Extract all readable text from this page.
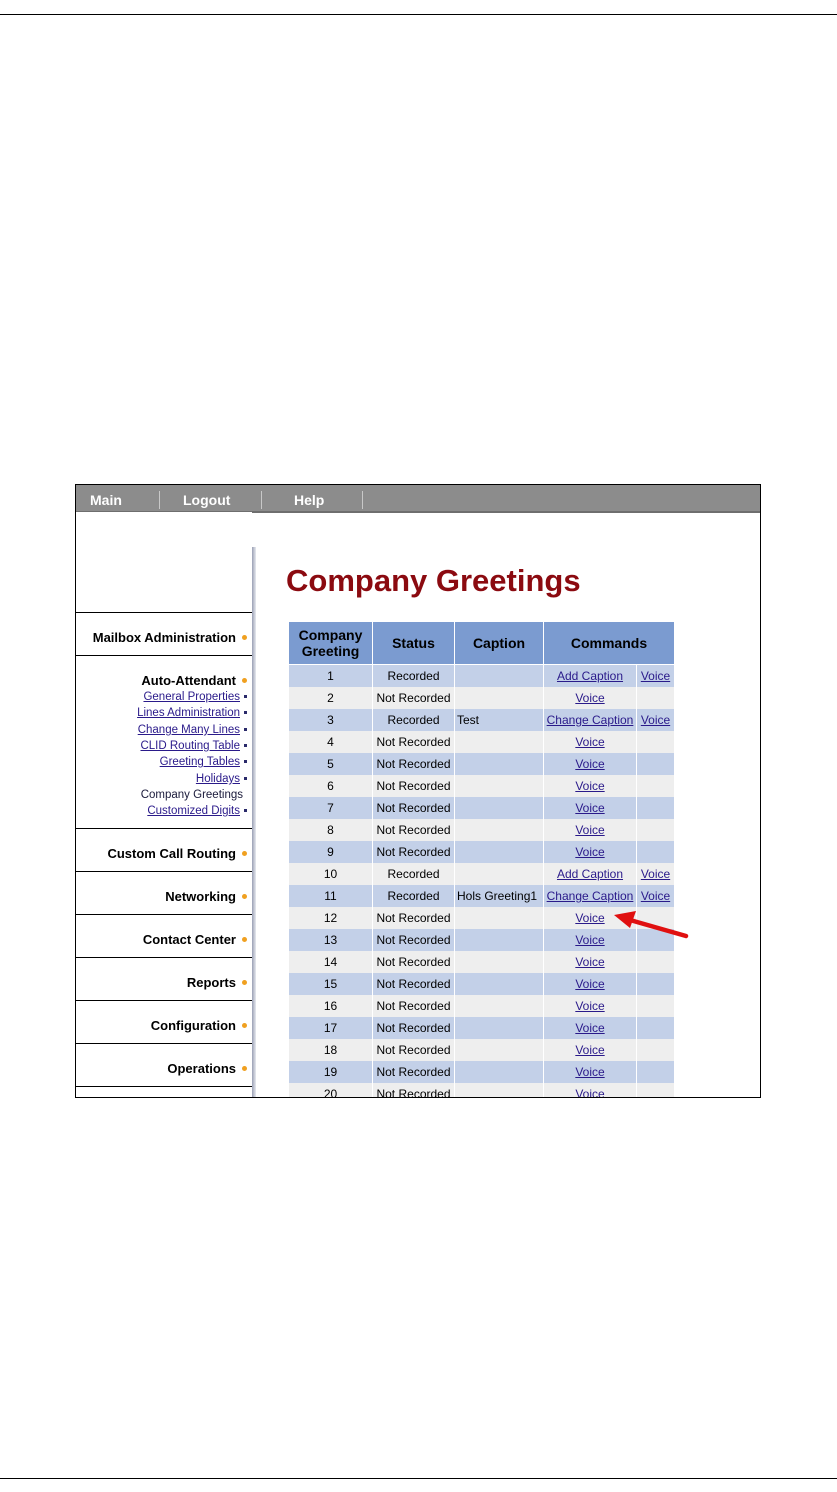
Main	Logout	Help
Mailbox Administration
Auto-Attendant
General Properties
Lines Administration
Change Many Lines
CLID Routing Table
Greeting Tables
Holidays
Company Greetings
Customized Digits
Custom Call Routing
Networking
Contact Center
Reports
Configuration
Operations
Company Greetings
Company
Greeting	Status	Caption	Commands	
1	Recorded		Add Caption	Voice
2	Not Recorded		Voice	
3	Recorded	Test	Change Caption	Voice
4	Not Recorded		Voice	
5	Not Recorded		Voice	
6	Not Recorded		Voice	
7	Not Recorded		Voice	
8	Not Recorded		Voice	
9	Not Recorded		Voice	
10	Recorded		Add Caption	Voice
11	Recorded	Hols Greeting1	Change Caption	Voice
12	Not Recorded		Voice	
13	Not Recorded		Voice	
14	Not Recorded		Voice	
15	Not Recorded		Voice	
16	Not Recorded		Voice	
17	Not Recorded		Voice	
18	Not Recorded		Voice	
19	Not Recorded		Voice	
20	Not Recorded		Voice	
